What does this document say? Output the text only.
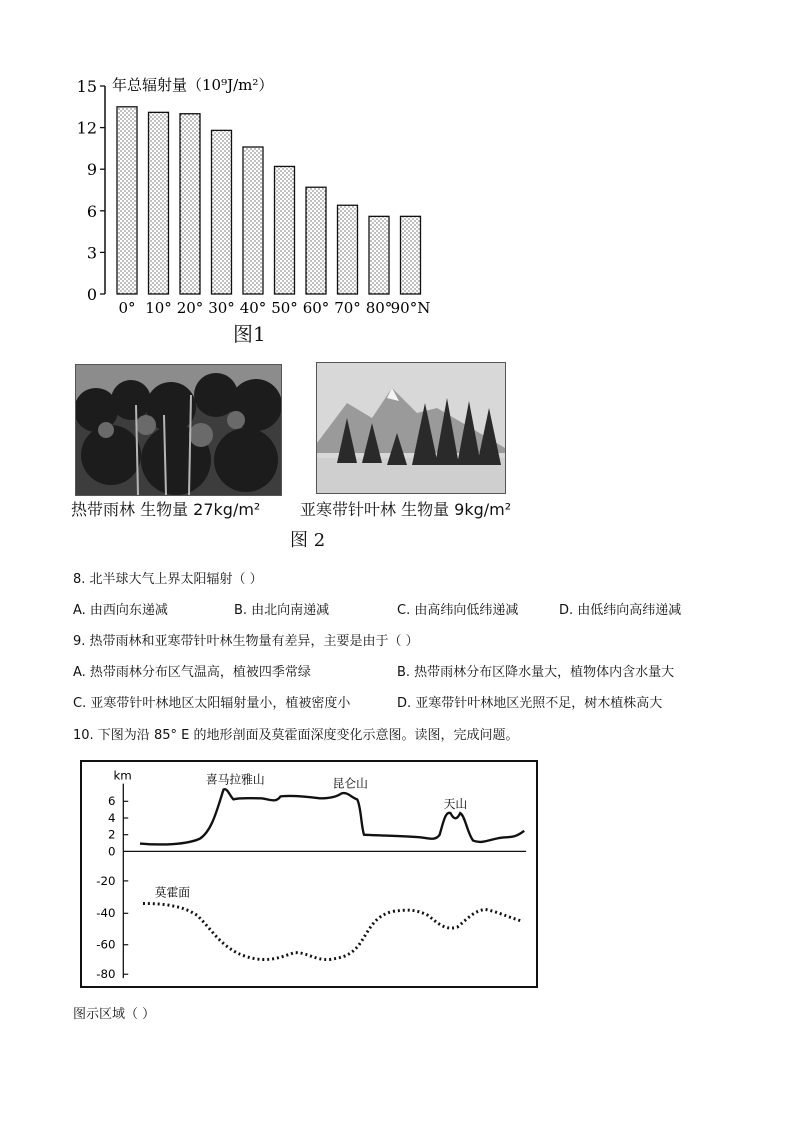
年总辐射量（10⁹J/m²）
0
3
6
9
12
15
0° 10° 20° 30° 40° 50° 60° 70° 80°
90°N
图1
热带雨林 生物量 27kg/m² 亚寒带针叶林 生物量 9kg/m²
图 2
8. 北半球大气上界太阳辐射（ ）
A. 由西向东递减	B. 由北向南递减	C. 由高纬向低纬递减	D. 由低纬向高纬递减
9. 热带雨林和亚寒带针叶林生物量有差异，主要是由于（ ）
A. 热带雨林分布区气温高，植被四季常绿	B. 热带雨林分布区降水量大，植物体内含水量大
C. 亚寒带针叶林地区太阳辐射量小，植被密度小	D. 亚寒带针叶林地区光照不足，树木植株高大
10. 下图为沿 85° E 的地形剖面及莫霍面深度变化示意图。读图，完成问题。
km
6
4
2
0
-20
-40
-60
-80
喜马拉雅山	昆仑山
天山
莫霍面
图示区域（ ）
